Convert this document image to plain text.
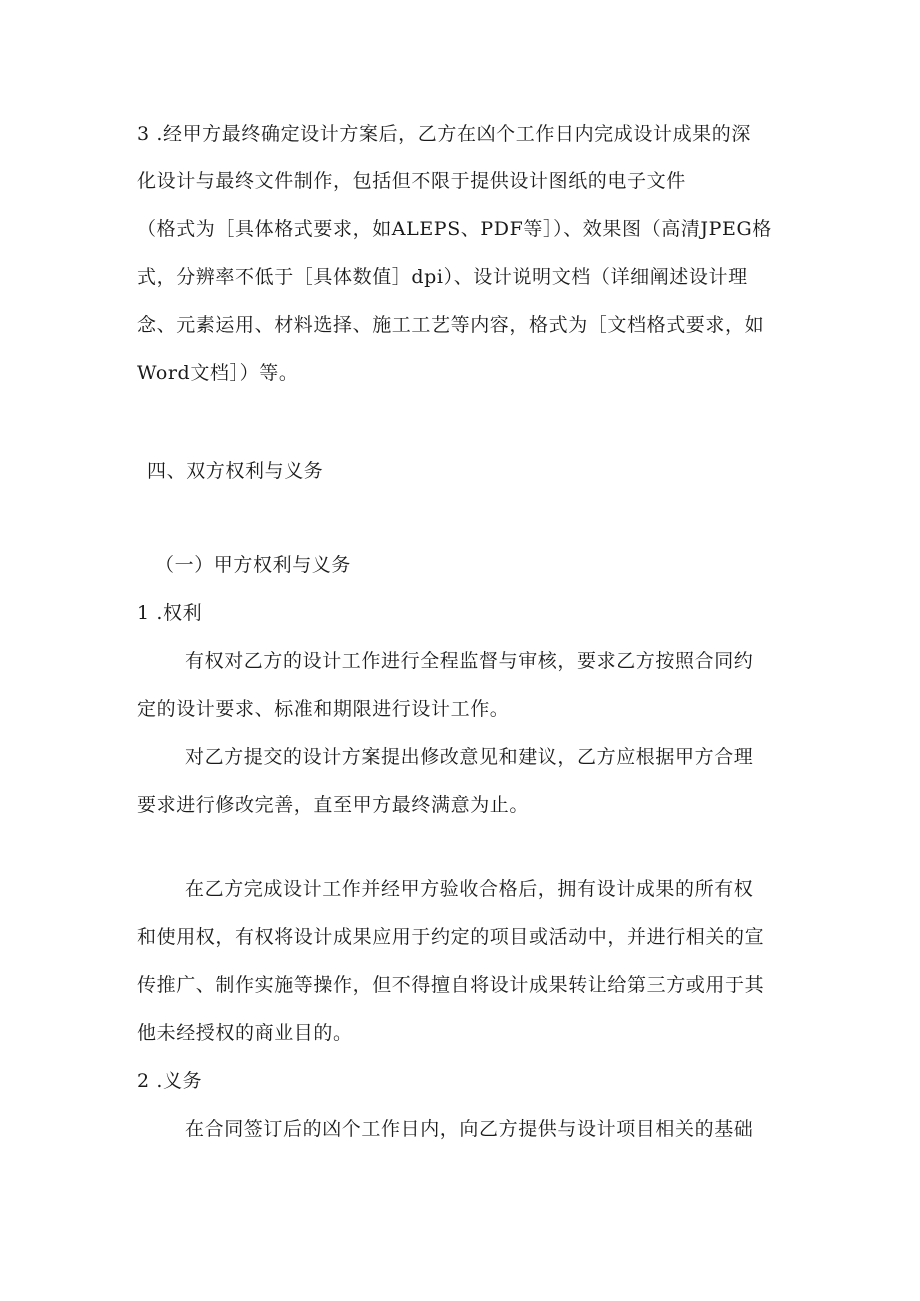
3 .经甲方最终确定设计方案后，乙方在凶个工作日内完成设计成果的深
化设计与最终文件制作，包括但不限于提供设计图纸的电子文件
（格式为［具体格式要求，如ALEPS、PDF等］）、效果图（高清JPEG格
式，分辨率不低于［具体数值］dpi）、设计说明文档（详细阐述设计理
念、元素运用、材料选择、施工工艺等内容，格式为［文档格式要求，如
Word文档］）等。
四、双方权利与义务
（一）甲方权利与义务
1 .权利
有权对乙方的设计工作进行全程监督与审核，要求乙方按照合同约
定的设计要求、标准和期限进行设计工作。
对乙方提交的设计方案提出修改意见和建议，乙方应根据甲方合理
要求进行修改完善，直至甲方最终满意为止。
在乙方完成设计工作并经甲方验收合格后，拥有设计成果的所有权
和使用权，有权将设计成果应用于约定的项目或活动中，并进行相关的宣
传推广、制作实施等操作，但不得擅自将设计成果转让给第三方或用于其
他未经授权的商业目的。
2 .义务
在合同签订后的凶个工作日内，向乙方提供与设计项目相关的基础
